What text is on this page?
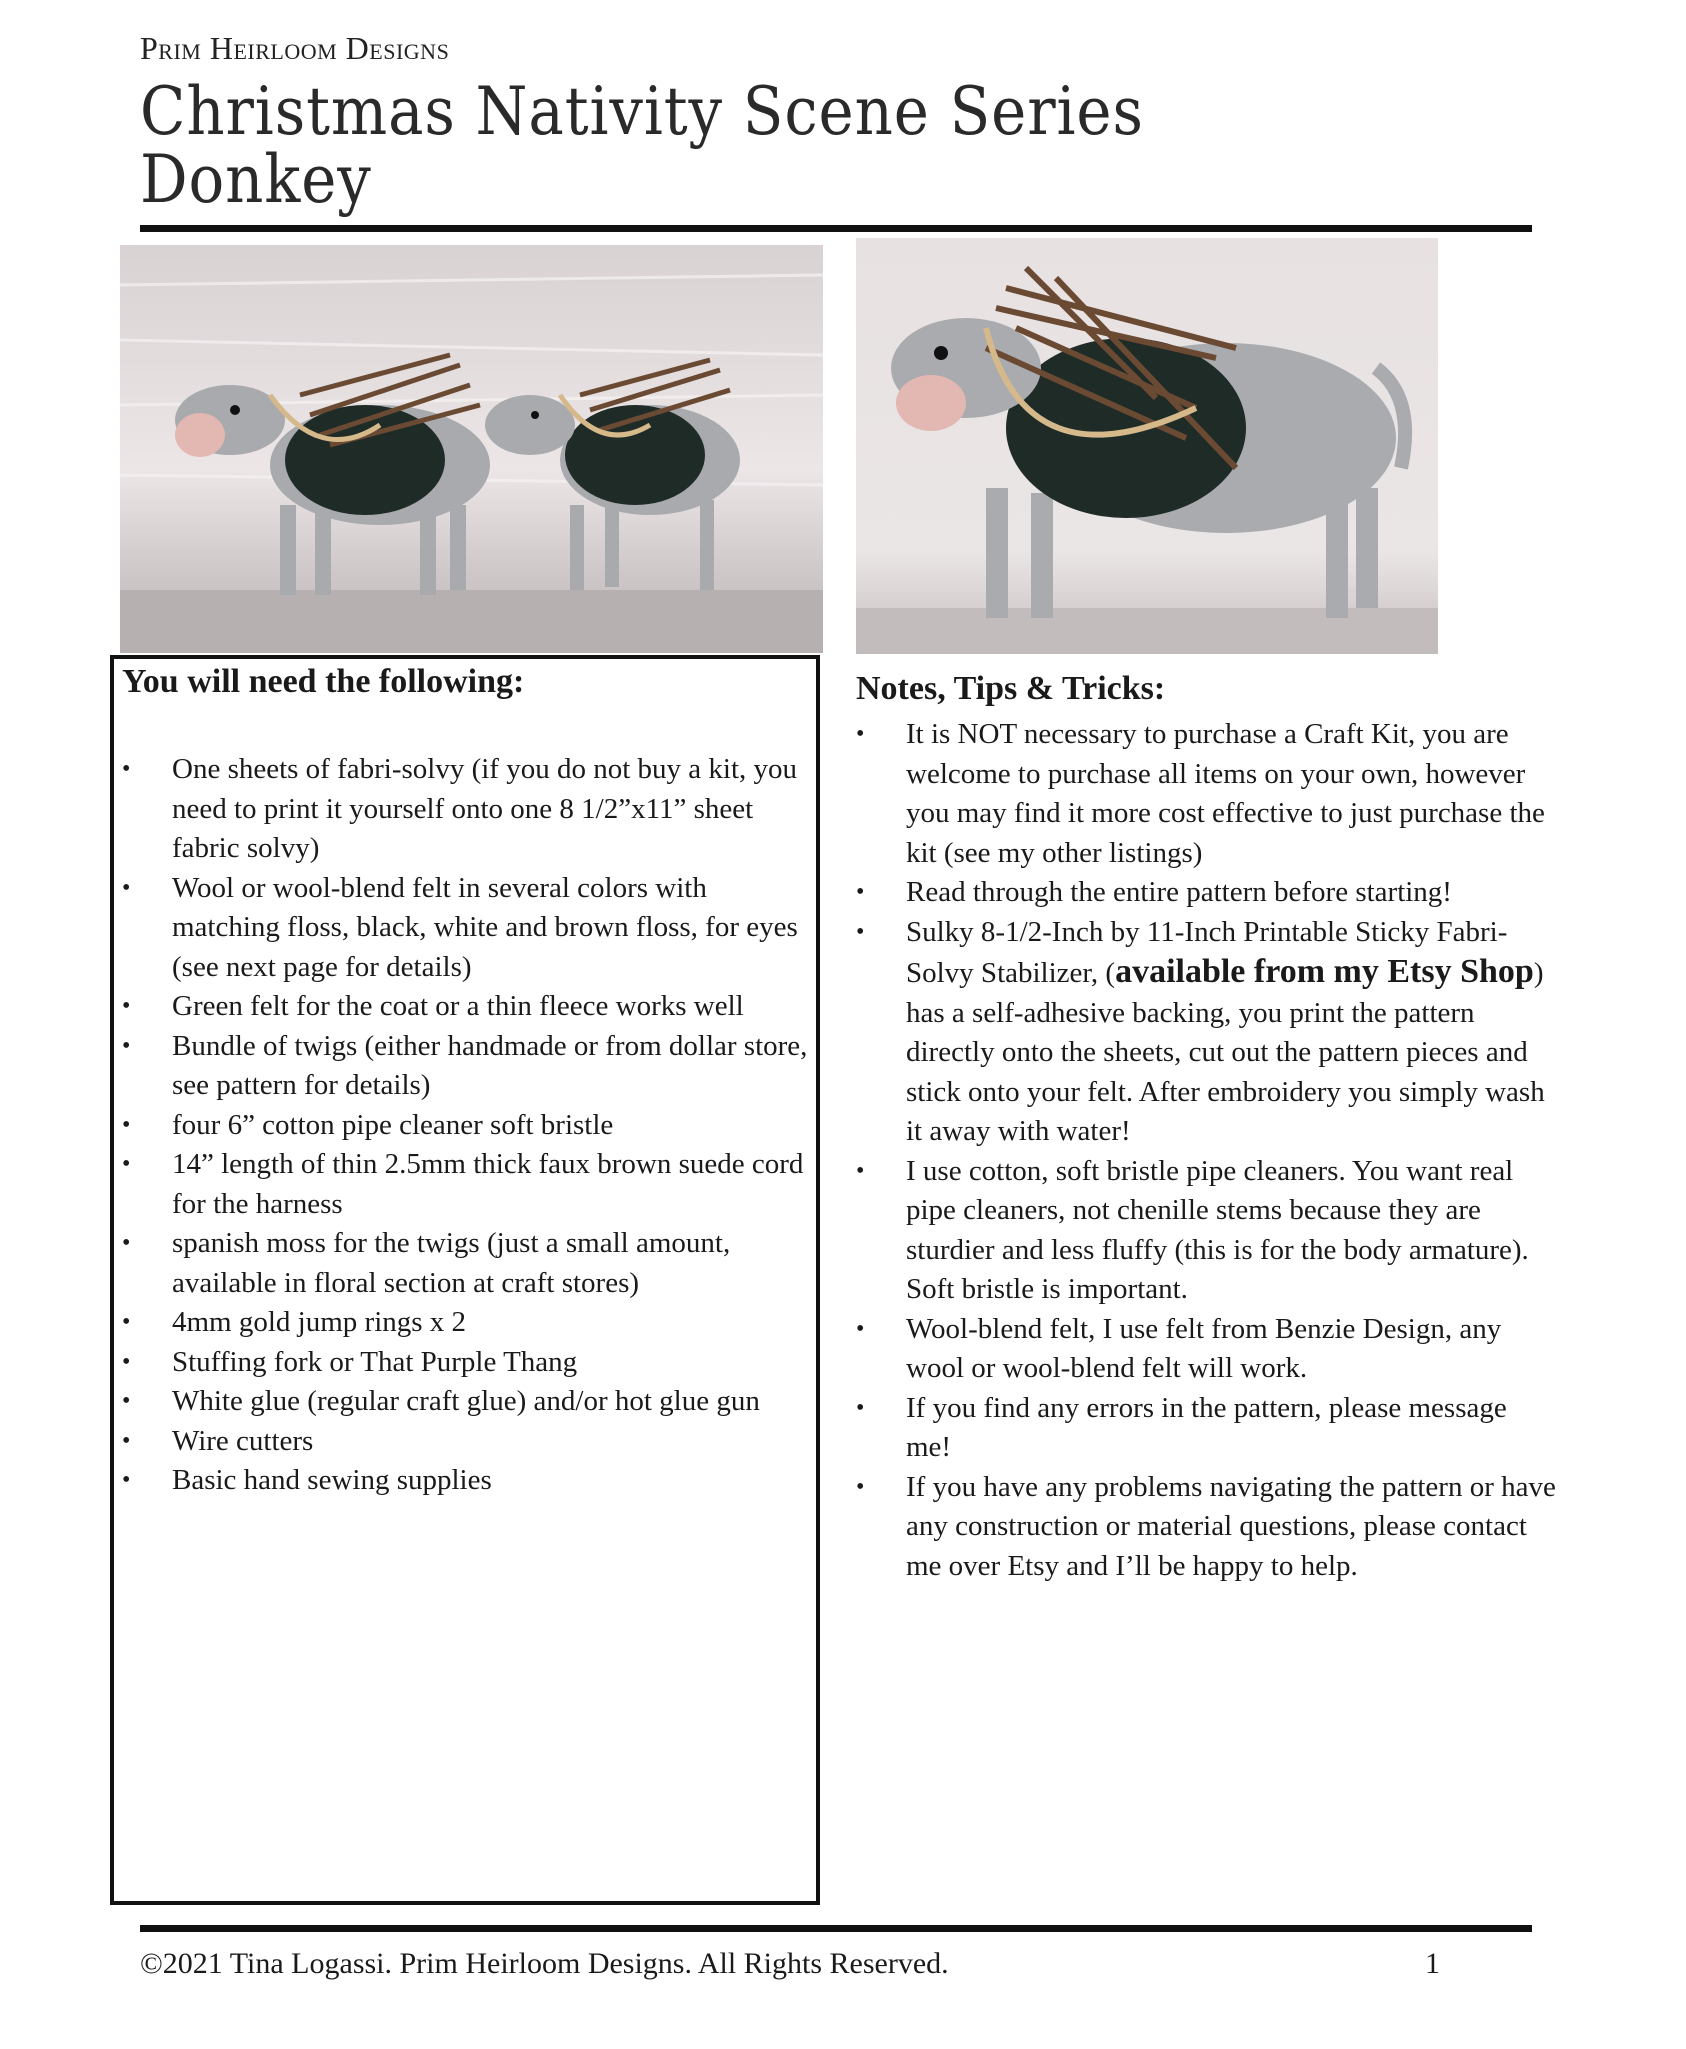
Prim Heirloom Designs
Christmas Nativity Scene Series
Donkey
You will need the following:
• One sheets of fabri-solvy (if you do not buy a kit, you need to print it yourself onto one 8 1/2”x11” sheet fabric solvy)
• Wool or wool-blend felt in several colors with matching floss, black, white and brown floss, for eyes (see next page for details)
• Green felt for the coat or a thin fleece works well
• Bundle of twigs (either handmade or from dollar store, see pattern for details)
• four 6” cotton pipe cleaner soft bristle
• 14” length of thin 2.5mm thick faux brown suede cord for the harness
• spanish moss for the twigs (just a small amount, available in floral section at craft stores)
• 4mm gold jump rings x 2
• Stuffing fork or That Purple Thang
• White glue (regular craft glue) and/or hot glue gun
• Wire cutters
• Basic hand sewing supplies
Notes, Tips & Tricks:
• It is NOT necessary to purchase a Craft Kit, you are welcome to purchase all items on your own, however you may find it more cost effective to just purchase the kit (see my other listings)
• Read through the entire pattern before starting!
• Sulky 8-1/2-Inch by 11-Inch Printable Sticky Fabri-Solvy Stabilizer, (available from my Etsy Shop) has a self-adhesive backing, you print the pattern directly onto the sheets, cut out the pattern pieces and stick onto your felt. After embroidery you simply wash it away with water!
• I use cotton, soft bristle pipe cleaners. You want real pipe cleaners, not chenille stems because they are sturdier and less fluffy (this is for the body armature). Soft bristle is important.
• Wool-blend felt, I use felt from Benzie Design, any wool or wool-blend felt will work.
• If you find any errors in the pattern, please message me!
• If you have any problems navigating the pattern or have any construction or material questions, please contact me over Etsy and I’ll be happy to help.
©2021 Tina Logassi. Prim Heirloom Designs. All Rights Reserved.	1
